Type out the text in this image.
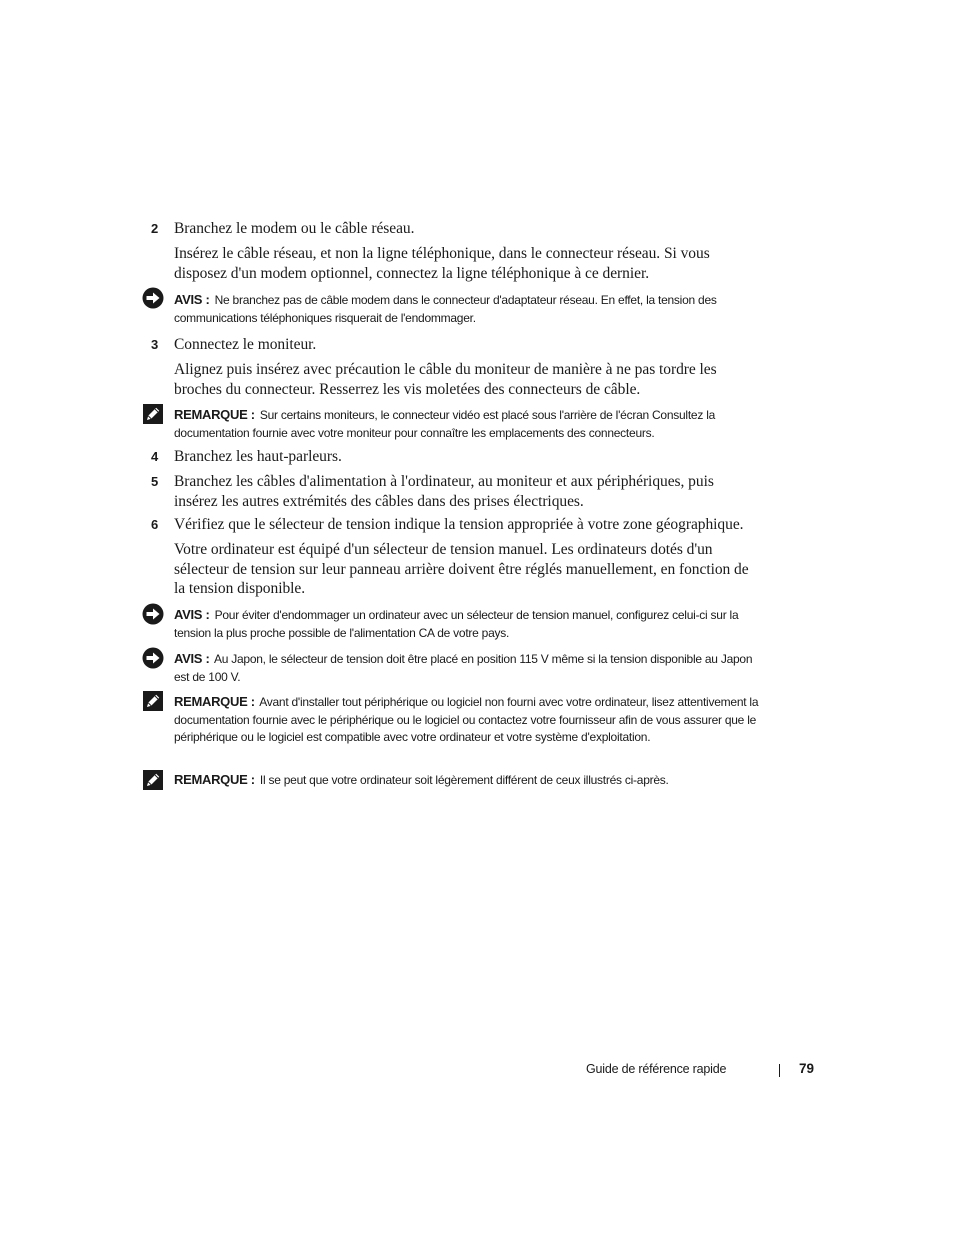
2 Branchez le modem ou le câble réseau.
Insérez le câble réseau, et non la ligne téléphonique, dans le connecteur réseau. Si vous disposez d'un modem optionnel, connectez la ligne téléphonique à ce dernier.
AVIS : Ne branchez pas de câble modem dans le connecteur d'adaptateur réseau. En effet, la tension des communications téléphoniques risquerait de l'endommager.
3 Connectez le moniteur.
Alignez puis insérez avec précaution le câble du moniteur de manière à ne pas tordre les broches du connecteur. Resserrez les vis moletées des connecteurs de câble.
REMARQUE : Sur certains moniteurs, le connecteur vidéo est placé sous l'arrière de l'écran Consultez la documentation fournie avec votre moniteur pour connaître les emplacements des connecteurs.
4 Branchez les haut-parleurs.
5 Branchez les câbles d'alimentation à l'ordinateur, au moniteur et aux périphériques, puis insérez les autres extrémités des câbles dans des prises électriques.
6 Vérifiez que le sélecteur de tension indique la tension appropriée à votre zone géographique.
Votre ordinateur est équipé d'un sélecteur de tension manuel. Les ordinateurs dotés d'un sélecteur de tension sur leur panneau arrière doivent être réglés manuellement, en fonction de la tension disponible.
AVIS : Pour éviter d'endommager un ordinateur avec un sélecteur de tension manuel, configurez celui-ci sur la tension la plus proche possible de l'alimentation CA de votre pays.
AVIS : Au Japon, le sélecteur de tension doit être placé en position 115 V même si la tension disponible au Japon est de 100 V.
REMARQUE : Avant d'installer tout périphérique ou logiciel non fourni avec votre ordinateur, lisez attentivement la documentation fournie avec le périphérique ou le logiciel ou contactez votre fournisseur afin de vous assurer que le périphérique ou le logiciel est compatible avec votre ordinateur et votre système d'exploitation.
REMARQUE : Il se peut que votre ordinateur soit légèrement différent de ceux illustrés ci-après.
Guide de référence rapide	79
